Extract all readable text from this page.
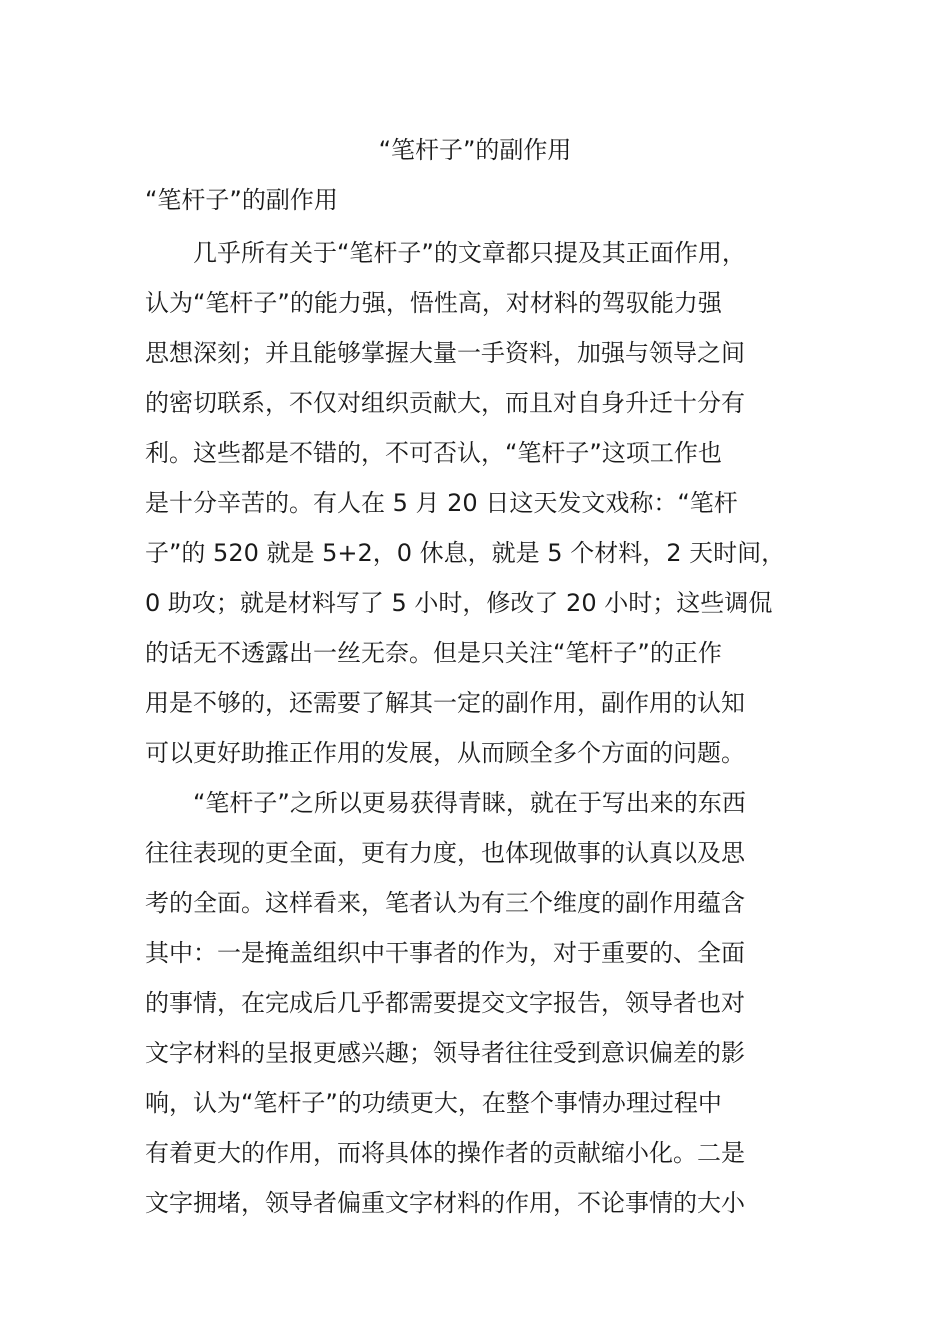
“笔杆子”的副作用
“笔杆子”的副作用

几乎所有关于“笔杆子”的文章都只提及其正面作用，
认为“笔杆子”的能力强，悟性高，对材料的驾驭能力强
思想深刻；并且能够掌握大量一手资料，加强与领导之间
的密切联系，不仅对组织贡献大，而且对自身升迁十分有
利。这些都是不错的，不可否认，“笔杆子”这项工作也
是十分辛苦的。有人在 5 月 20 日这天发文戏称：“笔杆
子”的 520 就是 5+2，0 休息，就是 5 个材料，2 天时间，
0 助攻；就是材料写了 5 小时，修改了 20 小时；这些调侃
的话无不透露出一丝无奈。但是只关注“笔杆子”的正作
用是不够的，还需要了解其一定的副作用，副作用的认知
可以更好助推正作用的发展，从而顾全多个方面的问题。

“笔杆子”之所以更易获得青睐，就在于写出来的东西
往往表现的更全面，更有力度，也体现做事的认真以及思
考的全面。这样看来，笔者认为有三个维度的副作用蕴含
其中：一是掩盖组织中干事者的作为，对于重要的、全面
的事情，在完成后几乎都需要提交文字报告，领导者也对
文字材料的呈报更感兴趣；领导者往往受到意识偏差的影
响，认为“笔杆子”的功绩更大，在整个事情办理过程中
有着更大的作用，而将具体的操作者的贡献缩小化。二是
文字拥堵，领导者偏重文字材料的作用，不论事情的大小
